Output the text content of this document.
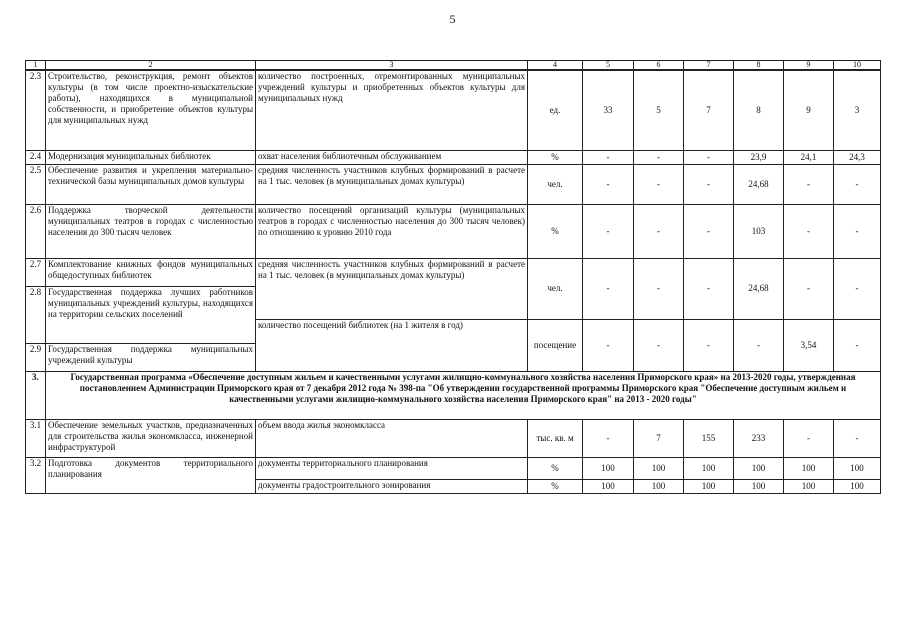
5
1	2	3	4	5	6	7	8	9	10
2.3	Строительство, реконструкция, ремонт объектов культуры (в том числе проектно-изыскательские работы), находящихся в муниципальной собственности, и приобретение объектов культуры для муниципальных нужд	количество построенных, отремонтированных муниципальных учреждений культуры и приобретенных объектов культуры для муниципальных нужд	ед.	33	5	7	8	9	3
2.4	Модернизация муниципальных библиотек	охват населения библиотечным обслуживанием	%	-	-	-	23,9	24,1	24,3
2.5	Обеспечение развития и укрепления материально-технической базы муниципальных домов культуры	средняя численность участников клубных формирований в расчете на 1 тыс. человек (в муниципальных домах культуры)	чел.	-	-	-	24,68	-	-
2.6	Поддержка творческой деятельности муниципальных театров в городах с численностью населения до 300 тысяч человек	количество посещений организаций культуры (муниципальных театров в городах с численностью населения до 300 тысяч человек) по отношению к уровню 2010 года	%	-	-	-	103	-	-
2.7	Комплектование книжных фондов муниципальных общедоступных библиотек	средняя численность участников клубных формирований в расчете на 1 тыс. человек (в муниципальных домах культуры)	чел.	-	-	-	24,68	-	-
2.8	Государственная поддержка лучших работников муниципальных учреждений культуры, находящихся на территории сельских поселений								
		количество посещений библиотек (на 1 жителя в год)	посещение	-	-	-	-	3,54	-
2.9	Государственная поддержка муниципальных учреждений культуры								
3.	Государственная программа «Обеспечение доступным жильем и качественными услугами жилищно-коммунального хозяйства населения Приморского края» на 2013-2020 годы, утвержденная постановлением Администрации Приморского края от 7 декабря 2012 года № 398-па "Об утверждении государственной программы Приморского края "Обеспечение доступным жильем и качественными услугами жилищно-коммунального хозяйства населения Приморского края" на 2013 - 2020 годы"								
3.1	Обеспечение земельных участков, предназначенных для строительства жилья экономкласса, инженерной инфраструктурой	объем ввода жилья экономкласса	тыс. кв. м	-	7	155	233	-	-
3.2	Подготовка документов территориального планирования	документы территориального планирования	%	100	100	100	100	100	100
		документы градостроительного зонирования	%	100	100	100	100	100	100
